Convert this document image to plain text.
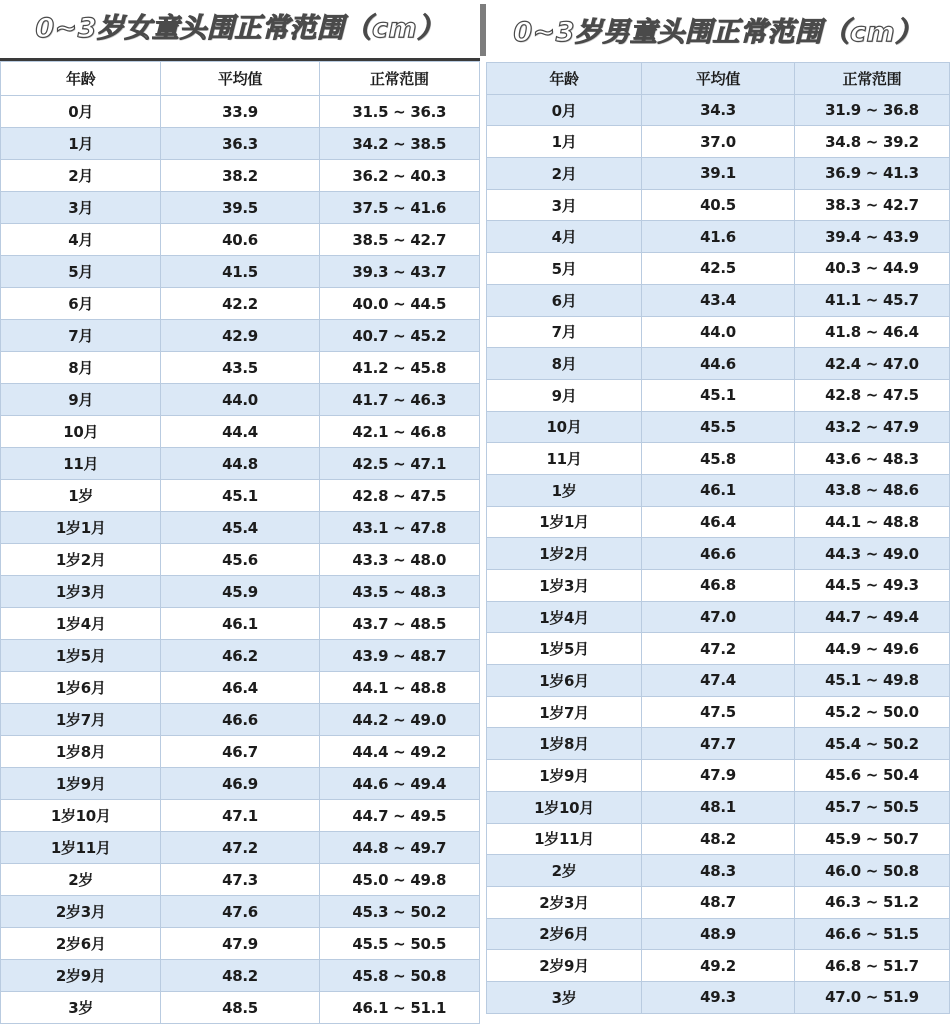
0~3岁女童头围正常范围（cm）
年龄	平均值	正常范围
0月	33.9	31.5 ~ 36.3
1月	36.3	34.2 ~ 38.5
2月	38.2	36.2 ~ 40.3
3月	39.5	37.5 ~ 41.6
4月	40.6	38.5 ~ 42.7
5月	41.5	39.3 ~ 43.7
6月	42.2	40.0 ~ 44.5
7月	42.9	40.7 ~ 45.2
8月	43.5	41.2 ~ 45.8
9月	44.0	41.7 ~ 46.3
10月	44.4	42.1 ~ 46.8
11月	44.8	42.5 ~ 47.1
1岁	45.1	42.8 ~ 47.5
1岁1月	45.4	43.1 ~ 47.8
1岁2月	45.6	43.3 ~ 48.0
1岁3月	45.9	43.5 ~ 48.3
1岁4月	46.1	43.7 ~ 48.5
1岁5月	46.2	43.9 ~ 48.7
1岁6月	46.4	44.1 ~ 48.8
1岁7月	46.6	44.2 ~ 49.0
1岁8月	46.7	44.4 ~ 49.2
1岁9月	46.9	44.6 ~ 49.4
1岁10月	47.1	44.7 ~ 49.5
1岁11月	47.2	44.8 ~ 49.7
2岁	47.3	45.0 ~ 49.8
2岁3月	47.6	45.3 ~ 50.2
2岁6月	47.9	45.5 ~ 50.5
2岁9月	48.2	45.8 ~ 50.8
3岁	48.5	46.1 ~ 51.1
0~3岁男童头围正常范围（cm）
年龄	平均值	正常范围
0月	34.3	31.9 ~ 36.8
1月	37.0	34.8 ~ 39.2
2月	39.1	36.9 ~ 41.3
3月	40.5	38.3 ~ 42.7
4月	41.6	39.4 ~ 43.9
5月	42.5	40.3 ~ 44.9
6月	43.4	41.1 ~ 45.7
7月	44.0	41.8 ~ 46.4
8月	44.6	42.4 ~ 47.0
9月	45.1	42.8 ~ 47.5
10月	45.5	43.2 ~ 47.9
11月	45.8	43.6 ~ 48.3
1岁	46.1	43.8 ~ 48.6
1岁1月	46.4	44.1 ~ 48.8
1岁2月	46.6	44.3 ~ 49.0
1岁3月	46.8	44.5 ~ 49.3
1岁4月	47.0	44.7 ~ 49.4
1岁5月	47.2	44.9 ~ 49.6
1岁6月	47.4	45.1 ~ 49.8
1岁7月	47.5	45.2 ~ 50.0
1岁8月	47.7	45.4 ~ 50.2
1岁9月	47.9	45.6 ~ 50.4
1岁10月	48.1	45.7 ~ 50.5
1岁11月	48.2	45.9 ~ 50.7
2岁	48.3	46.0 ~ 50.8
2岁3月	48.7	46.3 ~ 51.2
2岁6月	48.9	46.6 ~ 51.5
2岁9月	49.2	46.8 ~ 51.7
3岁	49.3	47.0 ~ 51.9
